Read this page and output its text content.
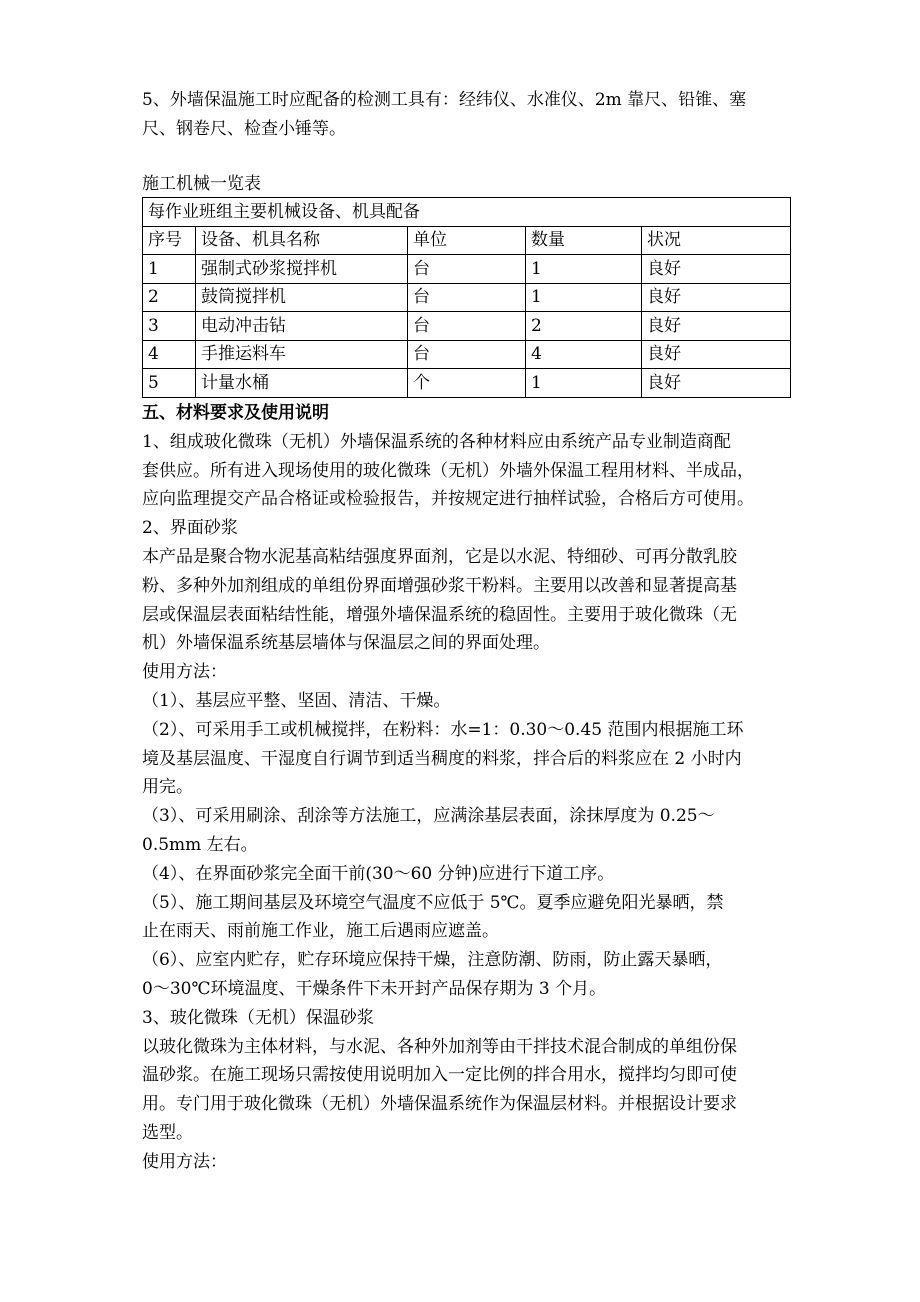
5、外墙保温施工时应配备的检测工具有：经纬仪、水准仪、2m 靠尺、铅锥、塞
尺、钢卷尺、检查小锤等。
施工机械一览表
每作业班组主要机械设备、机具配备				
序号	设备、机具名称	单位	数量	状况
1	强制式砂浆搅拌机	台	1	良好
2	鼓筒搅拌机	台	1	良好
3	电动冲击钻	台	2	良好
4	手推运料车	台	4	良好
5	计量水桶	个	1	良好
五、材料要求及使用说明
1、组成玻化微珠（无机）外墙保温系统的各种材料应由系统产品专业制造商配
套供应。所有进入现场使用的玻化微珠（无机）外墙外保温工程用材料、半成品，
应向监理提交产品合格证或检验报告，并按规定进行抽样试验，合格后方可使用。
2、界面砂浆
本产品是聚合物水泥基高粘结强度界面剂，它是以水泥、特细砂、可再分散乳胶
粉、多种外加剂组成的单组份界面增强砂浆干粉料。主要用以改善和显著提高基
层或保温层表面粘结性能，增强外墙保温系统的稳固性。主要用于玻化微珠（无
机）外墙保温系统基层墙体与保温层之间的界面处理。
使用方法：
（1）、基层应平整、坚固、清洁、干燥。
（2）、可采用手工或机械搅拌，在粉料：水=1：0.30～0.45 范围内根据施工环
境及基层温度、干湿度自行调节到适当稠度的料浆，拌合后的料浆应在 2 小时内
用完。
（3）、可采用刷涂、刮涂等方法施工，应满涂基层表面，涂抹厚度为 0.25～
0.5mm 左右。
（4）、在界面砂浆完全面干前(30～60 分钟)应进行下道工序。
（5）、施工期间基层及环境空气温度不应低于 5℃。夏季应避免阳光暴晒，禁
止在雨天、雨前施工作业，施工后遇雨应遮盖。
（6）、应室内贮存，贮存环境应保持干燥，注意防潮、防雨，防止露天暴晒，
0～30℃环境温度、干燥条件下未开封产品保存期为 3 个月。
3、玻化微珠（无机）保温砂浆
以玻化微珠为主体材料，与水泥、各种外加剂等由干拌技术混合制成的单组份保
温砂浆。在施工现场只需按使用说明加入一定比例的拌合用水，搅拌均匀即可使
用。专门用于玻化微珠（无机）外墙保温系统作为保温层材料。并根据设计要求
选型。
使用方法：
